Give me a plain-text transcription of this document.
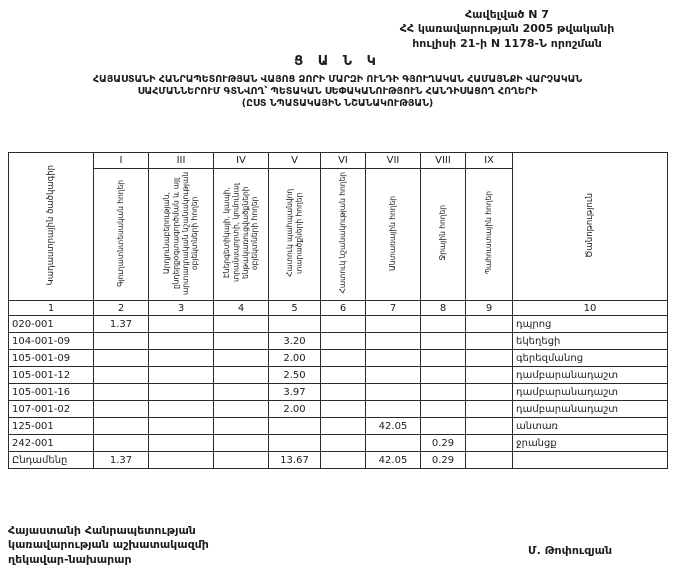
Հավելված N 7
ՀՀ կառավարության 2005 թվականի
հուլիսի 21-ի N 1178-Ն որոշման
Ց Ա Ն Կ
ՀԱՅԱՍՏԱՆԻ ՀԱՆՐԱՊԵՏՈՒԹՅԱՆ ՎԱՅՈՑ ՁՈՐԻ ՄԱՐԶԻ ՈՒՆԴԻ ԳՅՈՒՂԱԿԱՆ ՀԱՄԱՅՆՔԻ ՎԱՐՉԱԿԱՆ
ՍԱՀՄԱՆՆԵՐՈՒՄ ԳՏՆՎՈՂ՝ ՊԵՏԱԿԱՆ ՍԵՓԱԿԱՆՈՒԹՅՈՒՆ ՀԱՆԴԻՍԱՑՈՂ ՀՈՂԵՐԻ
(ԸՍՏ ՆՊԱՏԱԿԱՅԻՆ ՆՇԱՆԱԿՈՒԹՅԱՆ)
Կադաստրային ծածկագիր	I	III	IV	V	VI	VII	VIII	IX	Ծանոթություն
	Գյուղատնտեսական հողեր	Արդյունաբերության, ընդերքօգտագործման և այլ արտադրական նշանակության օբյեկտների հողեր	Էներգետիկայի, կապի, տրանսպորտի, կոմունալ ենթակառուցվածքների օբյեկտների հողեր	Հատուկ պահպանվող տարածքների հողեր	Հատուկ նշանակության հողեր	Անտառային հողեր	Ջրային հողեր	Պահուստային հողեր	
1	2	3	4	5	6	7	8	9	10
020-001	1.37								դպրոց
104-001-09				3.20					եկեղեցի
105-001-09				2.00					գերեզմանոց
105-001-12				2.50					դամբարանադաշտ
105-001-16				3.97					դամբարանադաշտ
107-001-02				2.00					դամբարանադաշտ
125-001						42.05			անտառ
242-001							0.29		ջրանցք
Ընդամենը	1.37			13.67		42.05	0.29		
Հայաստանի Հանրապետության
կառավարության աշխատակազմի
ղեկավար-նախարար
Մ. Թոփուզյան
